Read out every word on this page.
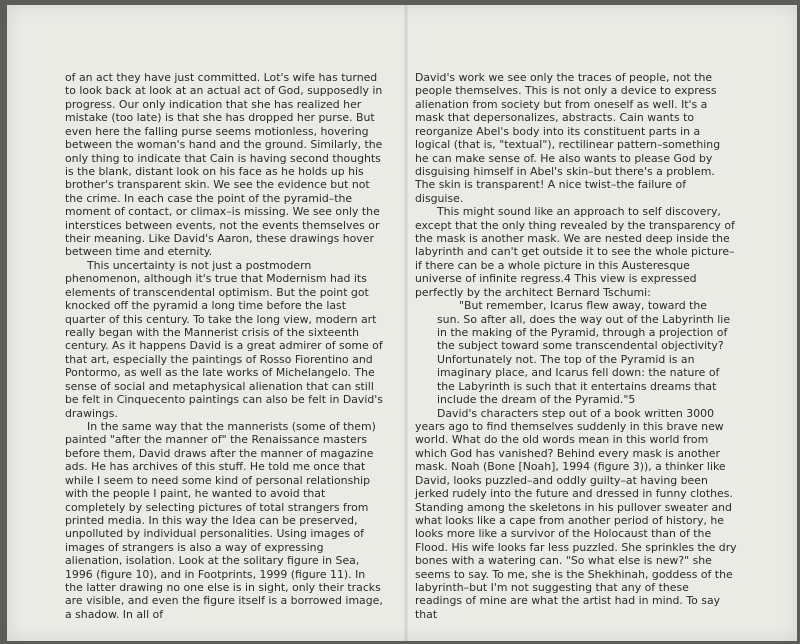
of an act they have just committed. Lot's wife has turned to look back at look at an actual act of God, supposedly in progress. Our only indication that she has realized her mistake (too late) is that she has dropped her purse. But even here the falling purse seems motionless, hovering between the woman's hand and the ground. Similarly, the only thing to indicate that Cain is having second thoughts is the blank, distant look on his face as he holds up his brother's transparent skin. We see the evidence but not the crime. In each case the point of the pyramid–the moment of contact, or climax–is missing. We see only the interstices between events, not the events themselves or their meaning. Like David's Aaron, these drawings hover between time and eternity.

This uncertainty is not just a postmodern phenomenon, although it's true that Modernism had its elements of transcendental optimism. But the point got knocked off the pyramid a long time before the last quarter of this century. To take the long view, modern art really began with the Mannerist crisis of the sixteenth century. As it happens David is a great admirer of some of that art, especially the paintings of Rosso Fiorentino and Pontormo, as well as the late works of Michelangelo. The sense of social and metaphysical alienation that can still be felt in Cinquecento paintings can also be felt in David's drawings.

In the same way that the mannerists (some of them) painted "after the manner of" the Renaissance masters before them, David draws after the manner of magazine ads. He has archives of this stuff. He told me once that while I seem to need some kind of personal relationship with the people I paint, he wanted to avoid that completely by selecting pictures of total strangers from printed media. In this way the Idea can be preserved, unpolluted by individual personalities. Using images of images of strangers is also a way of expressing alienation, isolation. Look at the solitary figure in Sea, 1996 (figure 10), and in Footprints, 1999 (figure 11). In the latter drawing no one else is in sight, only their tracks are visible, and even the figure itself is a borrowed image, a shadow. In all of

David's work we see only the traces of people, not the people themselves. This is not only a device to express alienation from society but from oneself as well. It's a mask that depersonalizes, abstracts. Cain wants to reorganize Abel's body into its constituent parts in a logical (that is, "textual"), rectilinear pattern–something he can make sense of. He also wants to please God by disguising himself in Abel's skin–but there's a problem. The skin is transparent! A nice twist–the failure of disguise.

This might sound like an approach to self discovery, except that the only thing revealed by the transparency of the mask is another mask. We are nested deep inside the labyrinth and can't get outside it to see the whole picture–if there can be a whole picture in this Austeresque universe of infinite regress.4 This view is expressed perfectly by the architect Bernard Tschumi:

"But remember, Icarus flew away, toward the sun. So after all, does the way out of the Labyrinth lie in the making of the Pyramid, through a projection of the subject toward some transcendental objectivity? Unfortunately not. The top of the Pyramid is an imaginary place, and Icarus fell down: the nature of the Labyrinth is such that it entertains dreams that include the dream of the Pyramid."5

David's characters step out of a book written 3000 years ago to find themselves suddenly in this brave new world. What do the old words mean in this world from which God has vanished? Behind every mask is another mask. Noah (Bone [Noah], 1994 (figure 3)), a thinker like David, looks puzzled–and oddly guilty–at having been jerked rudely into the future and dressed in funny clothes. Standing among the skeletons in his pullover sweater and what looks like a cape from another period of history, he looks more like a survivor of the Holocaust than of the Flood. His wife looks far less puzzled. She sprinkles the dry bones with a watering can. "So what else is new?" she seems to say. To me, she is the Shekhinah, goddess of the labyrinth–but I'm not suggesting that any of these readings of mine are what the artist had in mind. To say that
